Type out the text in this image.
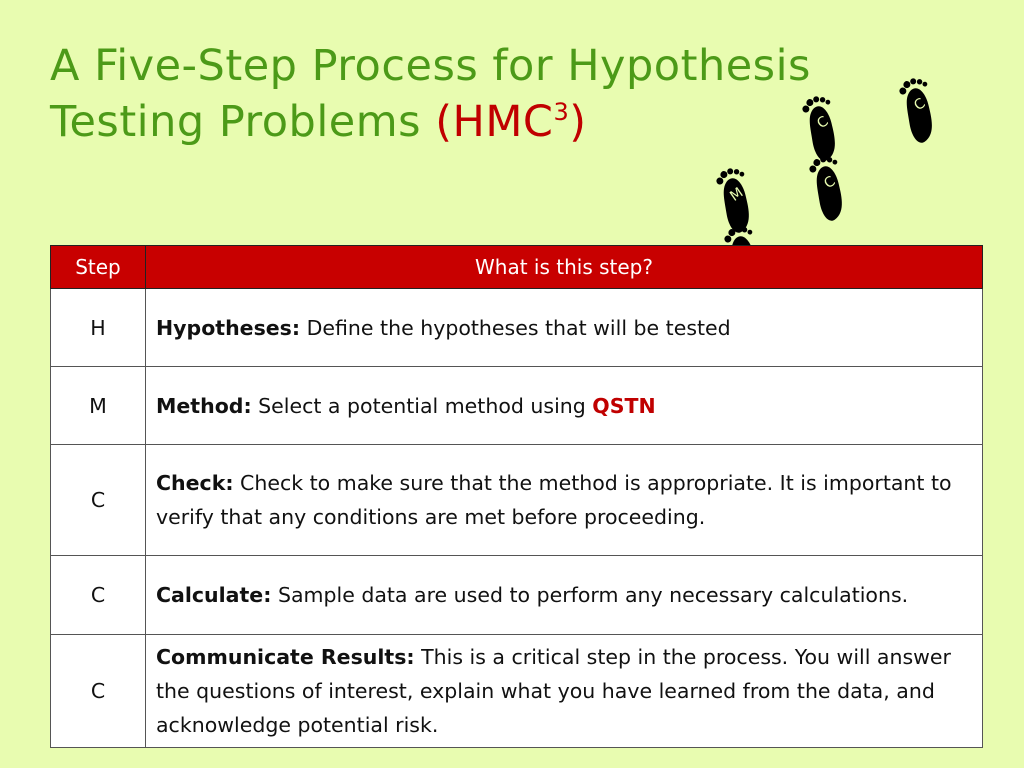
A Five-Step Process for Hypothesis
Testing Problems (HMC$^3$)
M
C
C
C
Step	What is this step?
H	Hypotheses: Define the hypotheses that will be tested
M	Method: Select a potential method using QSTN
C	Check: Check to make sure that the method is appropriate. It is important to verify that any conditions are met before proceeding.
C	Calculate: Sample data are used to perform any necessary calculations.
C	Communicate Results: This is a critical step in the process. You will answer the questions of interest, explain what you have learned from the data, and acknowledge potential risk.
